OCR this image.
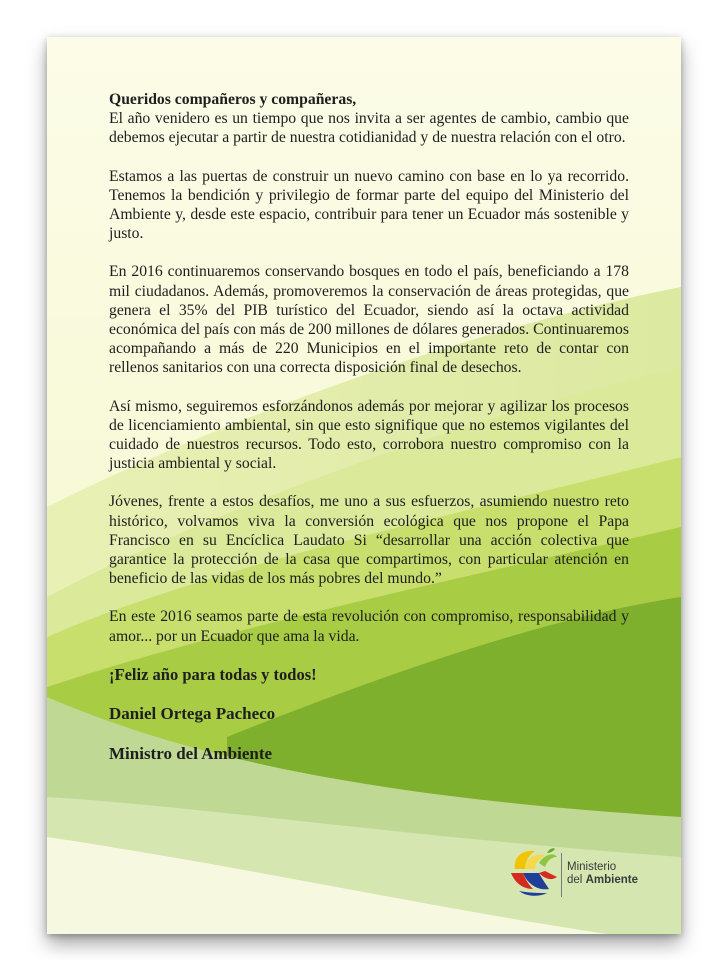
Queridos compañeros y compañeras,

El año venidero es un tiempo que nos invita a ser agentes de cambio, cambio que debemos ejecutar a partir de nuestra cotidianidad y de nuestra relación con el otro.

Estamos a las puertas de construir un nuevo camino con base en lo ya recorrido. Tenemos la bendición y privilegio de formar parte del equipo del Ministerio del Ambiente y, desde este espacio, contribuir para tener un Ecuador más sostenible y justo.

En 2016 continuaremos conservando bosques en todo el país, beneficiando a 178 mil ciudadanos. Además, promoveremos la conservación de áreas protegidas, que genera el 35% del PIB turístico del Ecuador, siendo así la octava actividad económica del país con más de 200 millones de dólares generados. Continuaremos acompañando a más de 220 Municipios en el importante reto de contar con rellenos sanitarios con una correcta disposición final de desechos.

Así mismo, seguiremos esforzándonos además por mejorar y agilizar los procesos de licenciamiento ambiental, sin que esto signifique que no estemos vigilantes del cuidado de nuestros recursos. Todo esto, corrobora nuestro compromiso con la justicia ambiental y social.

Jóvenes, frente a estos desafíos, me uno a sus esfuerzos, asumiendo nuestro reto histórico, volvamos viva la conversión ecológica que nos propone el Papa Francisco en su Encíclica Laudato Si “desarrollar una acción colectiva que garantice la protección de la casa que compartimos, con particular atención en beneficio de las vidas de los más pobres del mundo.”

En este 2016 seamos parte de esta revolución con compromiso, responsabilidad y amor... por un Ecuador que ama la vida.

¡Feliz año para todas y todos!

Daniel Ortega Pacheco

Ministro del Ambiente

Ministerio
del Ambiente
